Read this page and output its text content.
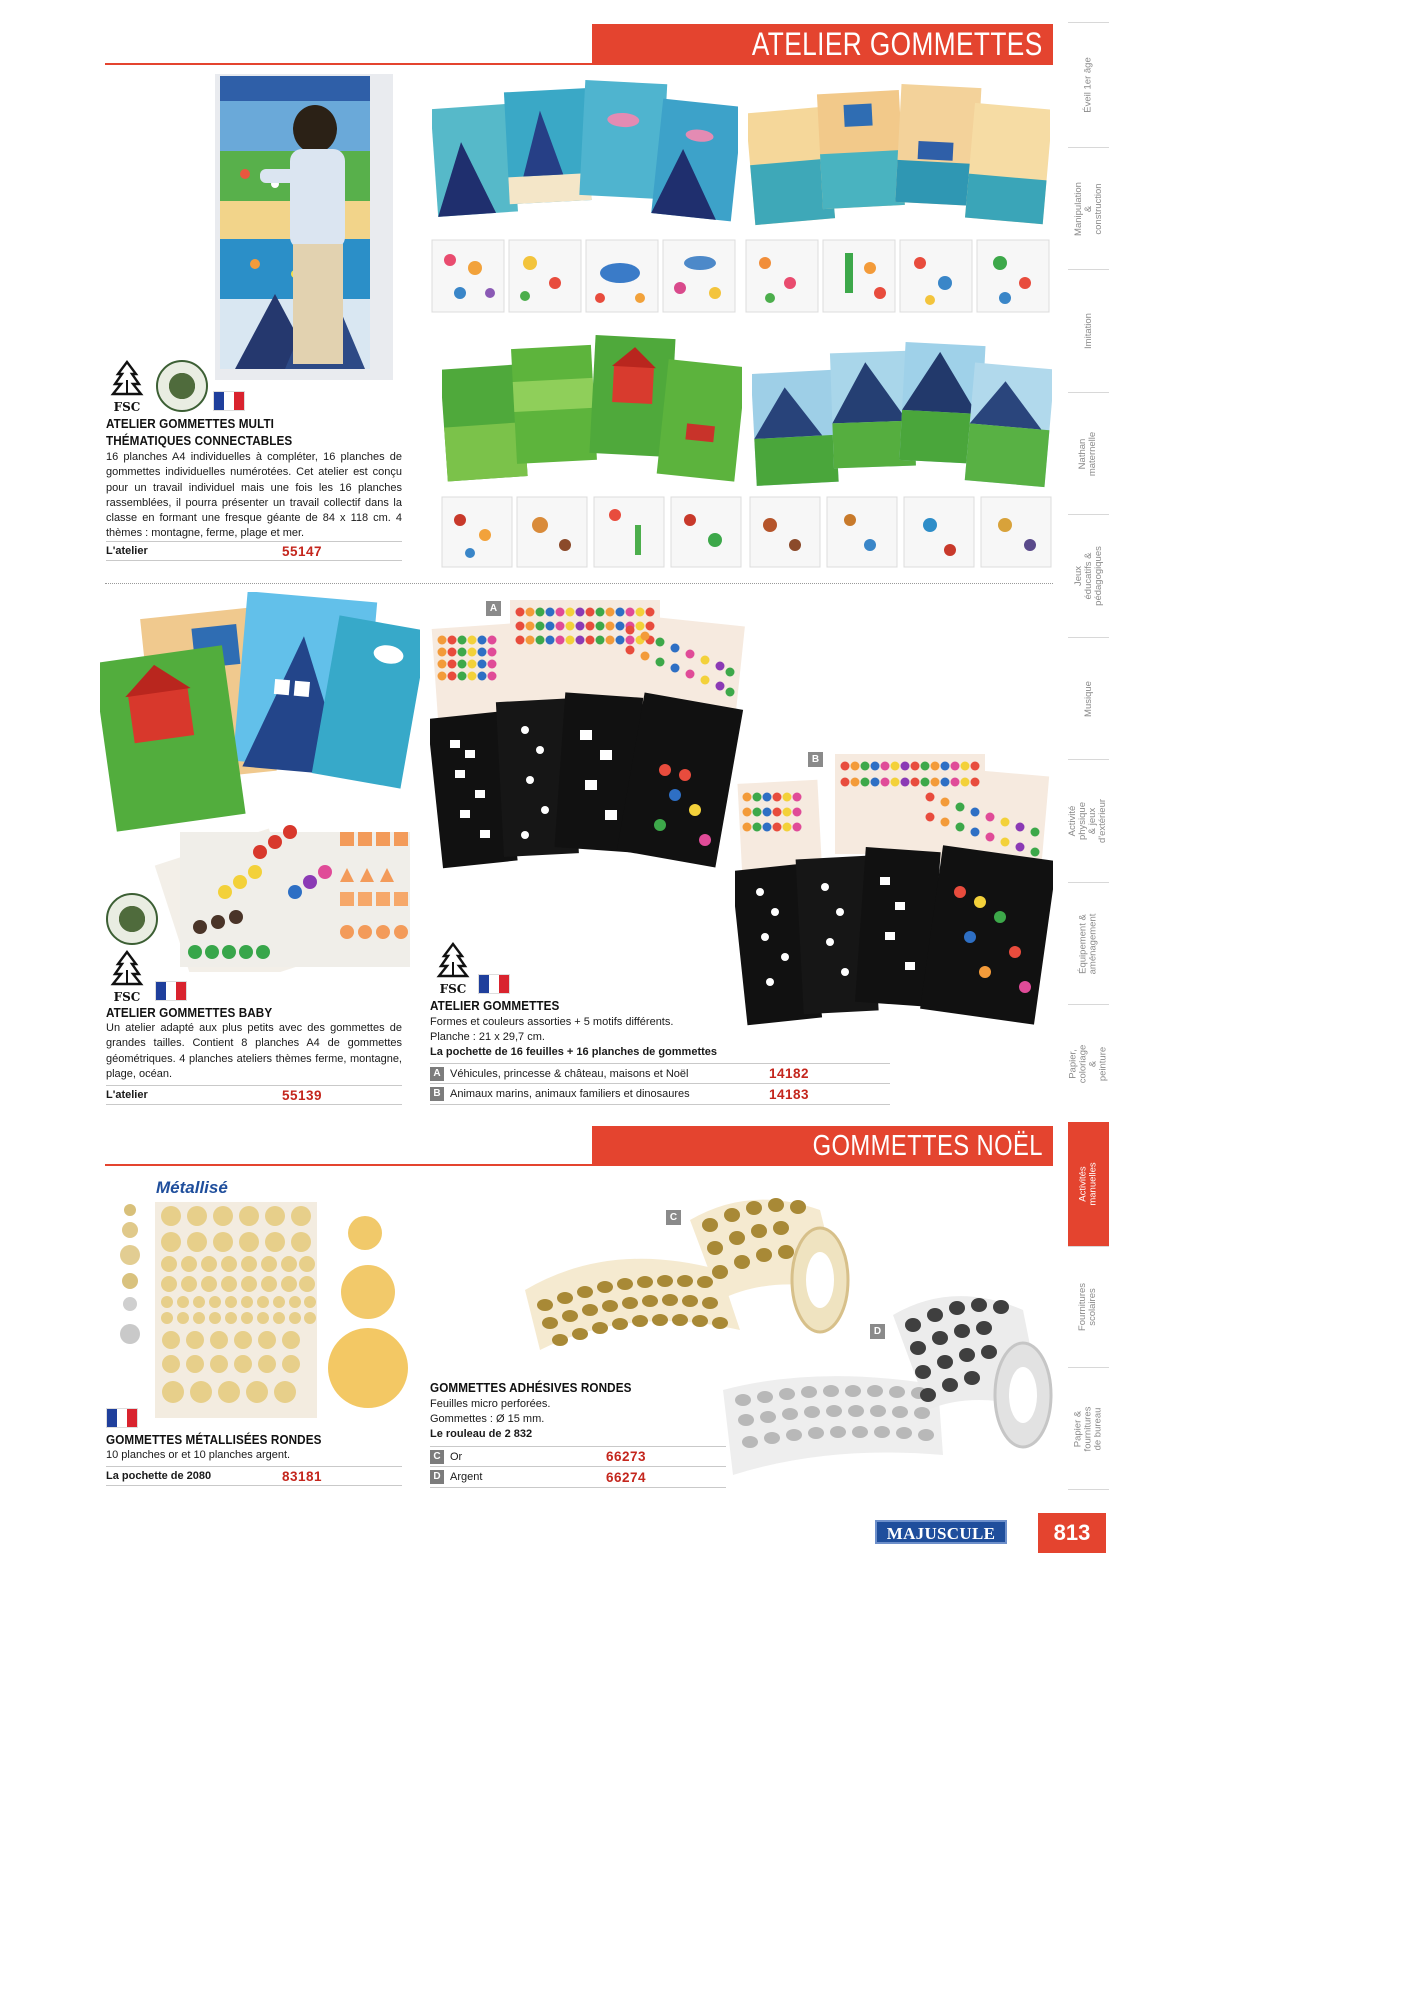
ATELIER GOMMETTES
Éveil 1er âge
Manipulation & construction
Imitation
Nathan maternelle
Jeux éducatifs & pédagogiques
Musique
Activité physique & jeux d'extérieur
Équipement & aménagement
Papier, coloriage & peinture
Activités manuelles
Fournitures scolaires
Papier & fournitures de bureau
FSC
ATELIER GOMMETTES MULTI
THÉMATIQUES CONNECTABLES
16 planches A4 individuelles à compléter, 16 planches de gommettes individuelles numérotées. Cet atelier est conçu pour un travail individuel mais une fois les 16 planches rassemblées, il pourra présenter un travail collectif dans la classe en formant une fresque géante de 84 x 118 cm. 4 thèmes : montagne, ferme, plage et mer.
L'atelier	55147
FSC
ATELIER GOMMETTES BABY
Un atelier adapté aux plus petits avec des gommettes de grandes tailles. Contient 8 planches A4 de gommettes géométriques. 4 planches ateliers thèmes ferme, montagne, plage, océan.
L'atelier	55139
A
B
FSC
ATELIER GOMMETTES
Formes et couleurs assorties + 5 motifs différents.
Planche : 21 x 29,7 cm.
La pochette de 16 feuilles + 16 planches de gommettes
A Véhicules, princesse & château, maisons et Noël	14182
B Animaux marins, animaux familiers et dinosaures	14183
GOMMETTES NOËL
Métallisé
GOMMETTES MÉTALLISÉES RONDES
10 planches or et 10 planches argent.
La pochette de 2080	83181
C
D
GOMMETTES ADHÉSIVES RONDES
Feuilles micro perforées.
Gommettes : Ø 15 mm.
Le rouleau de 2 832
C Or	66273
D Argent	66274
MAJUSCULE	813
